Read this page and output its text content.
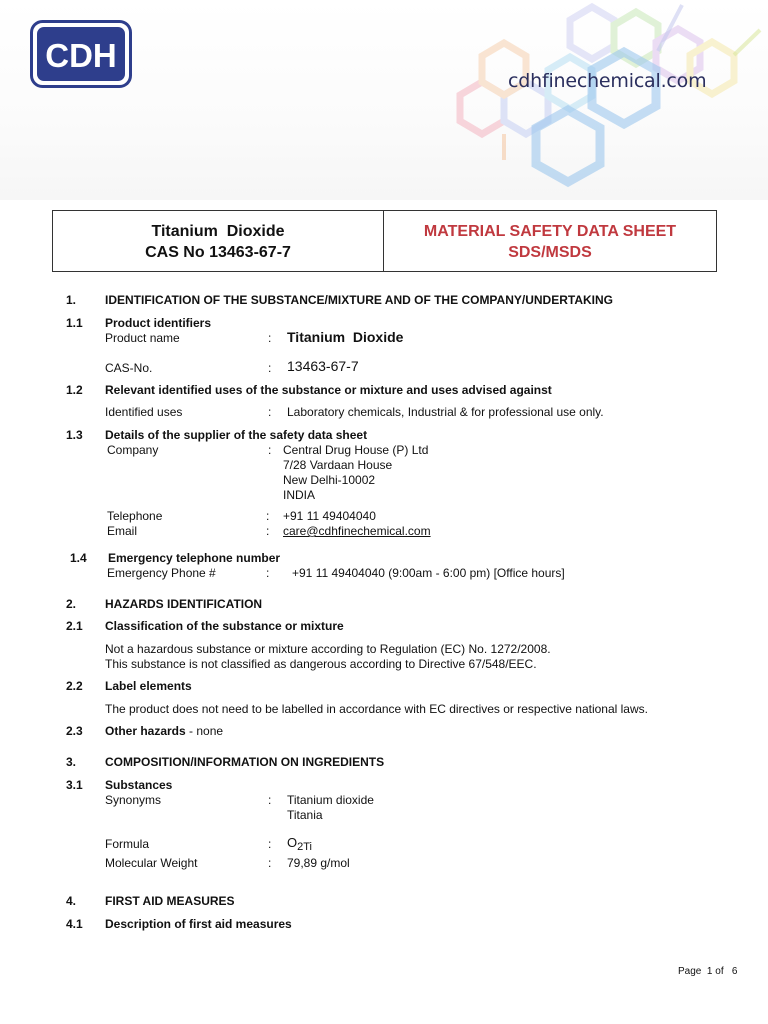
CDH
cdhfinechemical.com
Titanium  Dioxide
CAS No 13463-67-7
MATERIAL SAFETY DATA SHEET
SDS/MSDS
1. IDENTIFICATION OF THE SUBSTANCE/MIXTURE AND OF THE COMPANY/UNDERTAKING
1.1 Product identifiers
Product name	: Titanium  Dioxide
CAS-No.	: 13463-67-7
1.2 Relevant identified uses of the substance or mixture and uses advised against
Identified uses	: Laboratory chemicals, Industrial & for professional use only.
1.3 Details of the supplier of the safety data sheet
Company	: Central Drug House (P) Ltd
7/28 Vardaan House
New Delhi-10002
INDIA
Telephone	: +91 11 49404040
Email	: care@cdhfinechemical.com
1.4 Emergency telephone number
Emergency Phone #	: +91 11 49404040 (9:00am - 6:00 pm) [Office hours]
2. HAZARDS IDENTIFICATION
2.1 Classification of the substance or mixture
Not a hazardous substance or mixture according to Regulation (EC) No. 1272/2008.
This substance is not classified as dangerous according to Directive 67/548/EEC.
2.2 Label elements
The product does not need to be labelled in accordance with EC directives or respective national laws.
2.3 Other hazards - none
3. COMPOSITION/INFORMATION ON INGREDIENTS
3.1 Substances
Synonyms	: Titanium dioxide
Titania
Formula	: $O_{2Ti}$
Molecular Weight	: 79,89 g/mol
4. FIRST AID MEASURES
4.1 Description of first aid measures
Page  1 of   6
